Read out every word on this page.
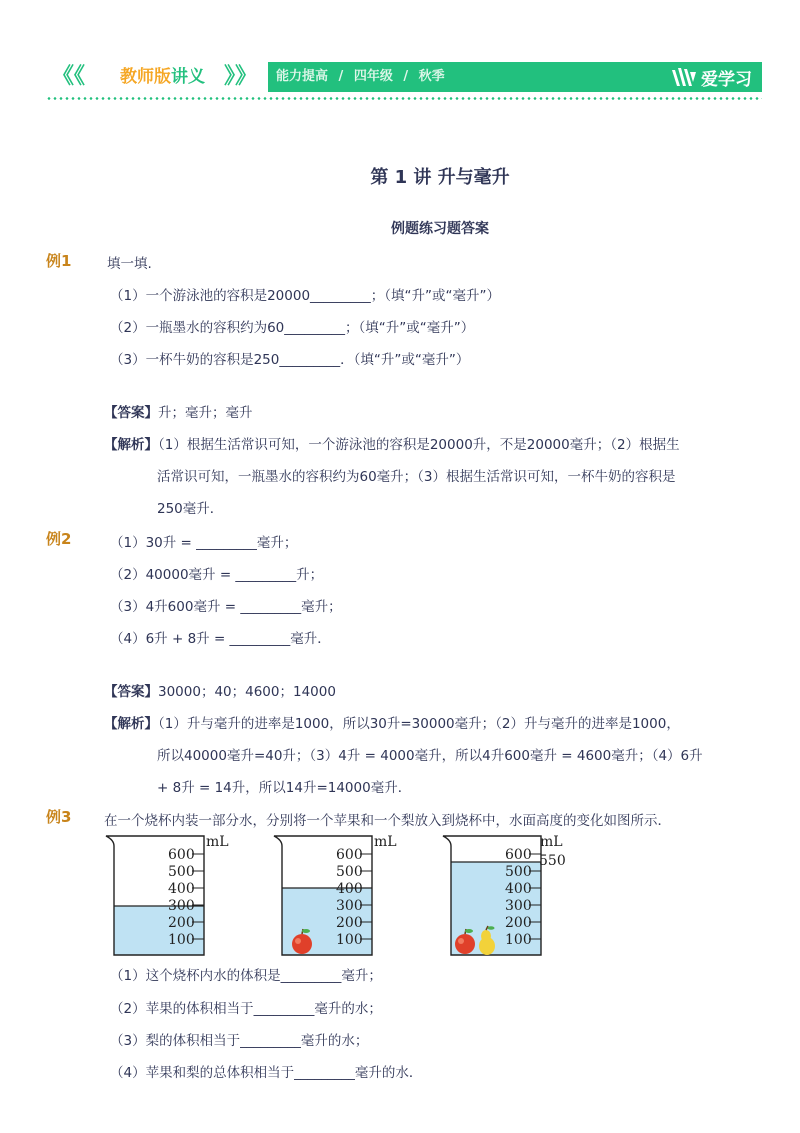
《《 教师版讲义 》》 能力提高 / 四年级 / 秋季	爱学习
第 1 讲 升与毫升
例题练习题答案
例1	填一填.
（1）一个游泳池的容积是20000_________；（填“升”或“毫升”）
（2）一瓶墨水的容积约为60_________；（填“升”或“毫升”）
（3）一杯牛奶的容积是250_________．（填“升”或“毫升”）
【答案】升；毫升；毫升
【解析】（1）根据生活常识可知，一个游泳池的容积是20000升，不是20000毫升；（2）根据生
活常识可知，一瓶墨水的容积约为60毫升；（3）根据生活常识可知，一杯牛奶的容积是
250毫升．
例2	（1）30升 = _________毫升；
（2）40000毫升 = _________升；
（3）4升600毫升 = _________毫升；
（4）6升 + 8升 = _________毫升．
【答案】30000；40；4600；14000
【解析】（1）升与毫升的进率是1000，所以30升=30000毫升；（2）升与毫升的进率是1000，
所以40000毫升=40升；（3）4升 = 4000毫升，所以4升600毫升 = 4600毫升；（4）6升
+ 8升 = 14升，所以14升=14000毫升．
例3 在一个烧杯内装一部分水，分别将一个苹果和一个梨放入到烧杯中，水面高度的变化如图所示．
600
500
400
300
200
100
mL
600
500
400
300
200
100
mL
600
500
400
300
200
100
mL
550
（1）这个烧杯内水的体积是_________毫升；
（2）苹果的体积相当于_________毫升的水；
（3）梨的体积相当于_________毫升的水；
（4）苹果和梨的总体积相当于_________毫升的水．
